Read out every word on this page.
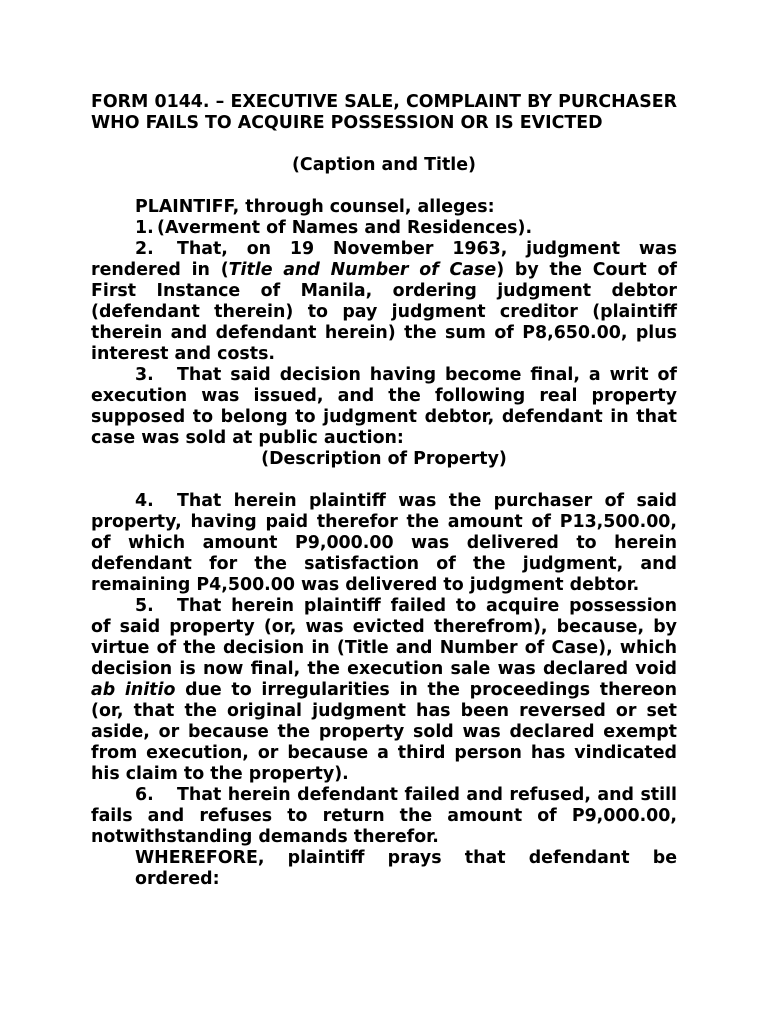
FORM 0144. – EXECUTIVE SALE, COMPLAINT BY PURCHASER WHO FAILS TO ACQUIRE POSSESSION OR IS EVICTED

(Caption and Title)

PLAINTIFF, through counsel, alleges:

1. (Averment of Names and Residences).

2. That, on 19 November 1963, judgment was rendered in (Title and Number of Case) by the Court of First Instance of Manila, ordering judgment debtor (defendant therein) to pay judgment creditor (plaintiff therein and defendant herein) the sum of P8,650.00, plus interest and costs.

3. That said decision having become final, a writ of execution was issued, and the following real property supposed to belong to judgment debtor, defendant in that case was sold at public auction:

(Description of Property)

4. That herein plaintiff was the purchaser of said property, having paid therefor the amount of P13,500.00, of which amount P9,000.00 was delivered to herein defendant for the satisfaction of the judgment, and remaining P4,500.00 was delivered to judgment debtor.

5. That herein plaintiff failed to acquire possession of said property (or, was evicted therefrom), because, by virtue of the decision in (Title and Number of Case), which decision is now final, the execution sale was declared void ab initio due to irregularities in the proceedings thereon (or, that the original judgment has been reversed or set aside, or because the property sold was declared exempt from execution, or because a third person has vindicated his claim to the property).

6. That herein defendant failed and refused, and still fails and refuses to return the amount of P9,000.00, notwithstanding demands therefor.

WHEREFORE, plaintiff prays that defendant be
ordered:
